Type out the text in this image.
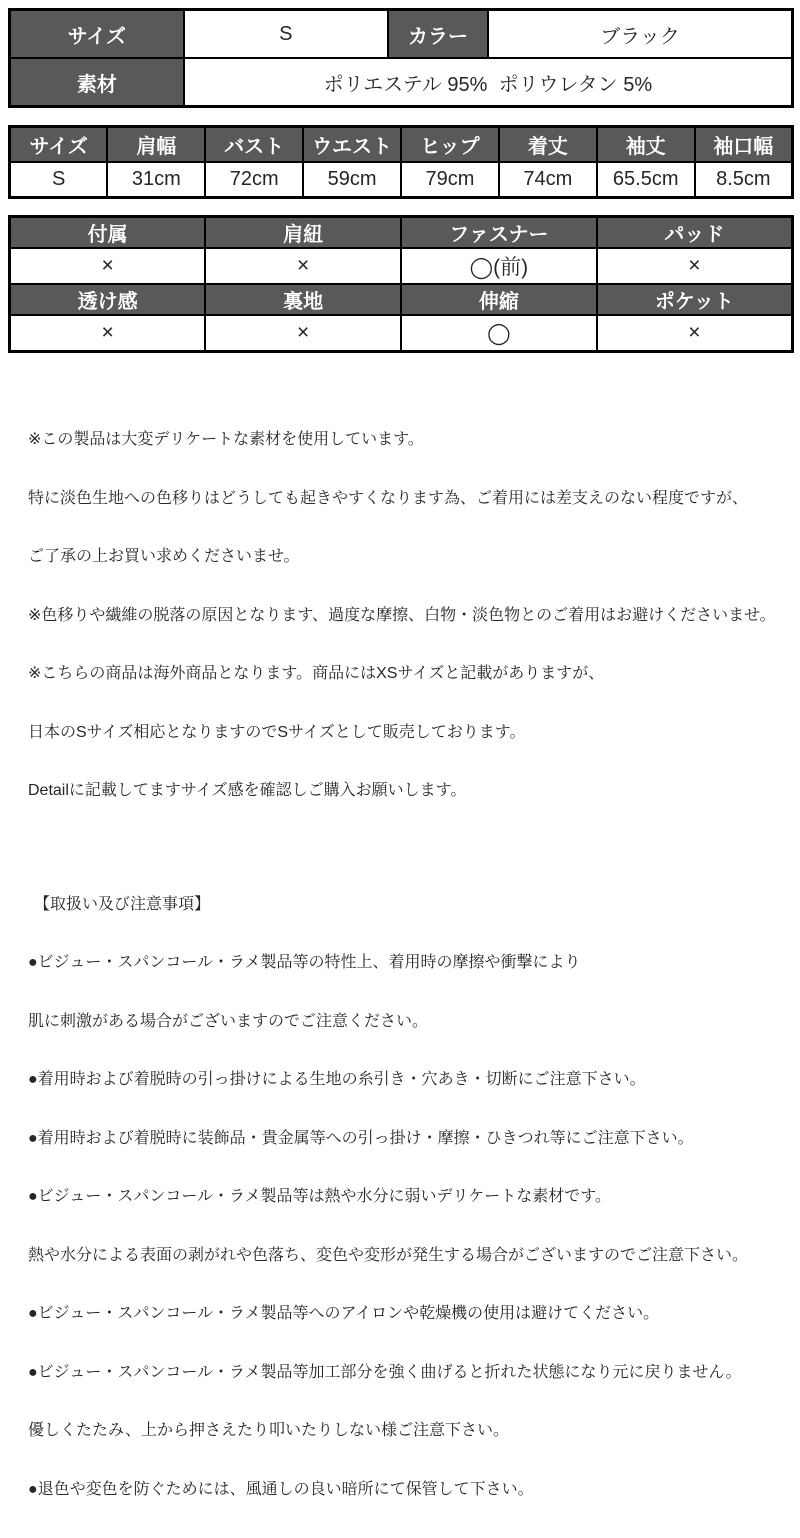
サイズ	S	カラー	ブラック
素材	ポリエステル 95%  ポリウレタン 5%		
サイズ	肩幅	バスト	ウエスト	ヒップ	着丈	袖丈	袖口幅
S	31cm	72cm	59cm	79cm	74cm	65.5cm	8.5cm
付属	肩紐	ファスナー	パッド
×	×	◯(前)	×
透け感	裏地	伸縮	ポケット
×	×	◯	×

※この製品は大変デリケートな素材を使用しています。

特に淡色生地への色移りはどうしても起きやすくなります為、ご着用には差支えのない程度ですが、

ご了承の上お買い求めくださいませ。

※色移りや繊維の脱落の原因となります、過度な摩擦、白物・淡色物とのご着用はお避けくださいませ。

※こちらの商品は海外商品となります。商品にはXSサイズと記載がありますが、

日本のSサイズ相応となりますのでSサイズとして販売しております。

Detailに記載してますサイズ感を確認しご購入お願いします。

【取扱い及び注意事項】

●ビジュー・スパンコール・ラメ製品等の特性上、着用時の摩擦や衝撃により

肌に刺激がある場合がございますのでご注意ください。

●着用時および着脱時の引っ掛けによる生地の糸引き・穴あき・切断にご注意下さい。

●着用時および着脱時に装飾品・貴金属等への引っ掛け・摩擦・ひきつれ等にご注意下さい。

●ビジュー・スパンコール・ラメ製品等は熱や水分に弱いデリケートな素材です。

熱や水分による表面の剥がれや色落ち、変色や変形が発生する場合がございますのでご注意下さい。

●ビジュー・スパンコール・ラメ製品等へのアイロンや乾燥機の使用は避けてください。

●ビジュー・スパンコール・ラメ製品等加工部分を強く曲げると折れた状態になり元に戻りません。

優しくたたみ、上から押さえたり叩いたりしない様ご注意下さい。

●退色や変色を防ぐためには、風通しの良い暗所にて保管して下さい。
